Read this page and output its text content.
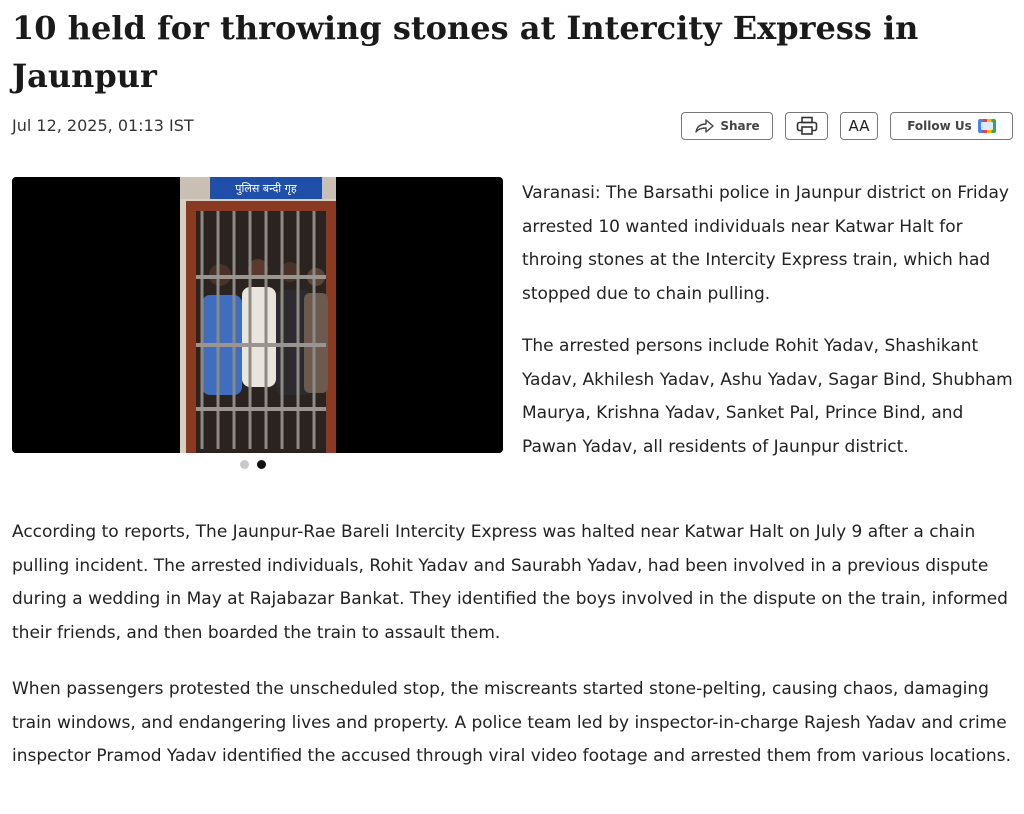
10 held for throwing stones at Intercity Express in Jaunpur
Jul 12, 2025, 01:13 IST	Share	AA	Follow Us
पुलिस बन्दी गृह	Varanasi: The Barsathi police in Jaunpur district on Friday arrested 10 wanted individuals near Katwar Halt for throing stones at the Intercity Express train, which had stopped due to chain pulling.

The arrested persons include Rohit Yadav, Shashikant Yadav, Akhilesh Yadav, Ashu Yadav, Sagar Bind, Shubham Maurya, Krishna Yadav, Sanket Pal, Prince Bind, and Pawan Yadav, all residents of Jaunpur district.

According to reports, The Jaunpur-Rae Bareli Intercity Express was halted near Katwar Halt on July 9 after a chain pulling incident. The arrested individuals, Rohit Yadav and Saurabh Yadav, had been involved in a previous dispute during a wedding in May at Rajabazar Bankat. They identified the boys involved in the dispute on the train, informed their friends, and then boarded the train to assault them.

When passengers protested the unscheduled stop, the miscreants started stone-pelting, causing chaos, damaging train windows, and endangering lives and property. A police team led by inspector-in-charge Rajesh Yadav and crime inspector Pramod Yadav identified the accused through viral video footage and arrested them from various locations.
